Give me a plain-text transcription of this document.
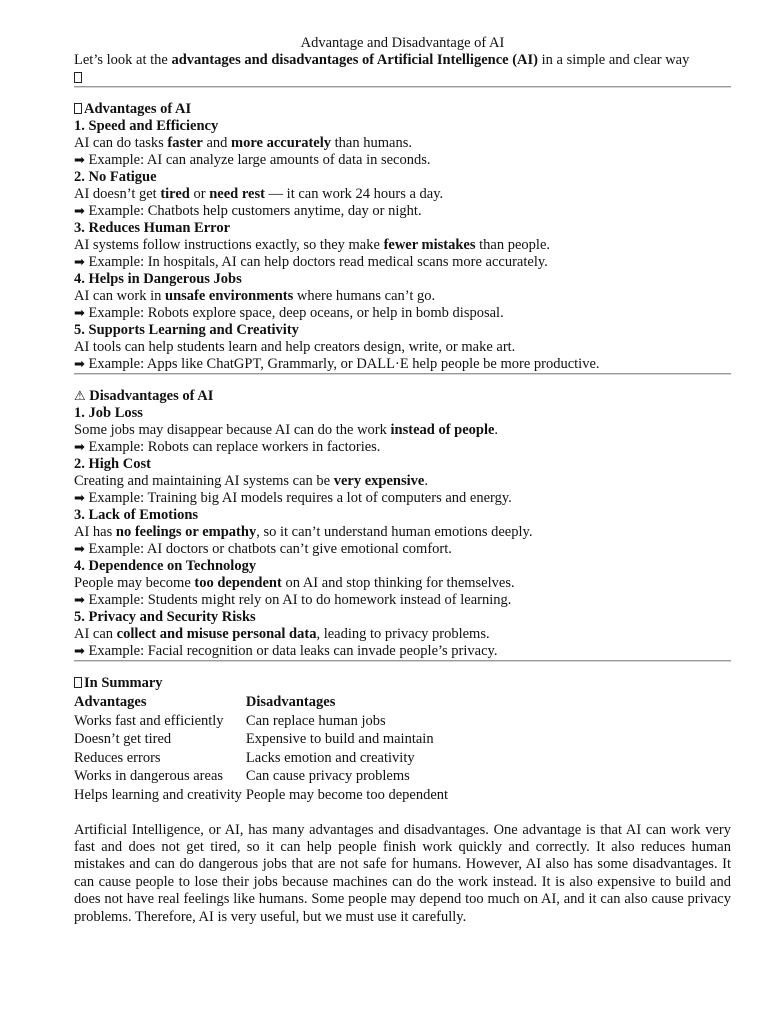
Advantage and Disadvantage of AI
Let’s look at the advantages and disadvantages of Artificial Intelligence (AI) in a simple and clear way
Advantages of AI
1. Speed and Efficiency
AI can do tasks faster and more accurately than humans.
➡ Example: AI can analyze large amounts of data in seconds.
2. No Fatigue
AI doesn’t get tired or need rest — it can work 24 hours a day.
➡ Example: Chatbots help customers anytime, day or night.
3. Reduces Human Error
AI systems follow instructions exactly, so they make fewer mistakes than people.
➡ Example: In hospitals, AI can help doctors read medical scans more accurately.
4. Helps in Dangerous Jobs
AI can work in unsafe environments where humans can’t go.
➡ Example: Robots explore space, deep oceans, or help in bomb disposal.
5. Supports Learning and Creativity
AI tools can help students learn and help creators design, write, or make art.
➡ Example: Apps like ChatGPT, Grammarly, or DALL·E help people be more productive.
⚠ Disadvantages of AI
1. Job Loss
Some jobs may disappear because AI can do the work instead of people.
➡ Example: Robots can replace workers in factories.
2. High Cost
Creating and maintaining AI systems can be very expensive.
➡ Example: Training big AI models requires a lot of computers and energy.
3. Lack of Emotions
AI has no feelings or empathy, so it can’t understand human emotions deeply.
➡ Example: AI doctors or chatbots can’t give emotional comfort.
4. Dependence on Technology
People may become too dependent on AI and stop thinking for themselves.
➡ Example: Students might rely on AI to do homework instead of learning.
5. Privacy and Security Risks
AI can collect and misuse personal data, leading to privacy problems.
➡ Example: Facial recognition or data leaks can invade people’s privacy.
In Summary
Advantages	Disadvantages
Works fast and efficiently	Can replace human jobs
Doesn’t get tired	Expensive to build and maintain
Reduces errors	Lacks emotion and creativity
Works in dangerous areas	Can cause privacy problems
Helps learning and creativity	People may become too dependent
Artificial Intelligence, or AI, has many advantages and disadvantages. One advantage is that AI can work very fast and does not get tired, so it can help people finish work quickly and correctly. It also reduces human mistakes and can do dangerous jobs that are not safe for humans. However, AI also has some disadvantages. It can cause people to lose their jobs because machines can do the work instead. It is also expensive to build and does not have real feelings like humans. Some people may depend too much on AI, and it can also cause privacy problems. Therefore, AI is very useful, but we must use it carefully.
